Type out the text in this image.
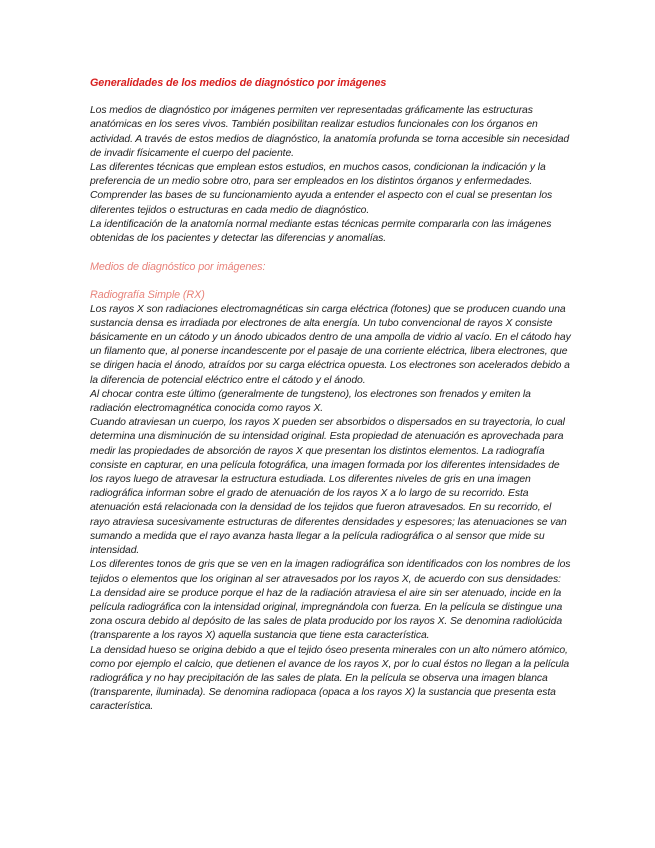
Generalidades de los medios de diagnóstico por imágenes

Los medios de diagnóstico por imágenes permiten ver representadas gráficamente las estructuras anatómicas en los seres vivos. También posibilitan realizar estudios funcionales con los órganos en actividad. A través de estos medios de diagnóstico, la anatomía profunda se torna accesible sin necesidad de invadir físicamente el cuerpo del paciente.

Las diferentes técnicas que emplean estos estudios, en muchos casos, condicionan la indicación y la preferencia de un medio sobre otro, para ser empleados en los distintos órganos y enfermedades. Comprender las bases de su funcionamiento ayuda a entender el aspecto con el cual se presentan los diferentes tejidos o estructuras en cada medio de diagnóstico.

La identificación de la anatomía normal mediante estas técnicas permite compararla con las imágenes obtenidas de los pacientes y detectar las diferencias y anomalías.

Medios de diagnóstico por imágenes:

Radiografía Simple (RX)

Los rayos X son radiaciones electromagnéticas sin carga eléctrica (fotones) que se producen cuando una sustancia densa es irradiada por electrones de alta energía. Un tubo convencional de rayos X consiste básicamente en un cátodo y un ánodo ubicados dentro de una ampolla de vidrio al vacío. En el cátodo hay un filamento que, al ponerse incandescente por el pasaje de una corriente eléctrica, libera electrones, que se dirigen hacia el ánodo, atraídos por su carga eléctrica opuesta. Los electrones son acelerados debido a la diferencia de potencial eléctrico entre el cátodo y el ánodo.

Al chocar contra este último (generalmente de tungsteno), los electrones son frenados y emiten la radiación electromagnética conocida como rayos X.

Cuando atraviesan un cuerpo, los rayos X pueden ser absorbidos o dispersados en su trayectoria, lo cual determina una disminución de su intensidad original. Esta propiedad de atenuación es aprovechada para medir las propiedades de absorción de rayos X que presentan los distintos elementos. La radiografía consiste en capturar, en una película fotográfica, una imagen formada por los diferentes intensidades de los rayos luego de atravesar la estructura estudiada. Los diferentes niveles de gris en una imagen radiográfica informan sobre el grado de atenuación de los rayos X a lo largo de su recorrido. Esta atenuación está relacionada con la densidad de los tejidos que fueron atravesados. En su recorrido, el rayo atraviesa sucesivamente estructuras de diferentes densidades y espesores; las atenuaciones se van sumando a medida que el rayo avanza hasta llegar a la película radiográfica o al sensor que mide su intensidad.

Los diferentes tonos de gris que se ven en la imagen radiográfica son identificados con los nombres de los tejidos o elementos que los originan al ser atravesados por los rayos X, de acuerdo con sus densidades:

La densidad aire se produce porque el haz de la radiación atraviesa el aire sin ser atenuado, incide en la película radiográfica con la intensidad original, impregnándola con fuerza. En la película se distingue una zona oscura debido al depósito de las sales de plata producido por los rayos X. Se denomina radiolúcida (transparente a los rayos X) aquella sustancia que tiene esta característica.

La densidad hueso se origina debido a que el tejido óseo presenta minerales con un alto número atómico, como por ejemplo el calcio, que detienen el avance de los rayos X, por lo cual éstos no llegan a la película radiográfica y no hay precipitación de las sales de plata. En la película se observa una imagen blanca (transparente, iluminada). Se denomina radiopaca (opaca a los rayos X) la sustancia que presenta esta característica.
